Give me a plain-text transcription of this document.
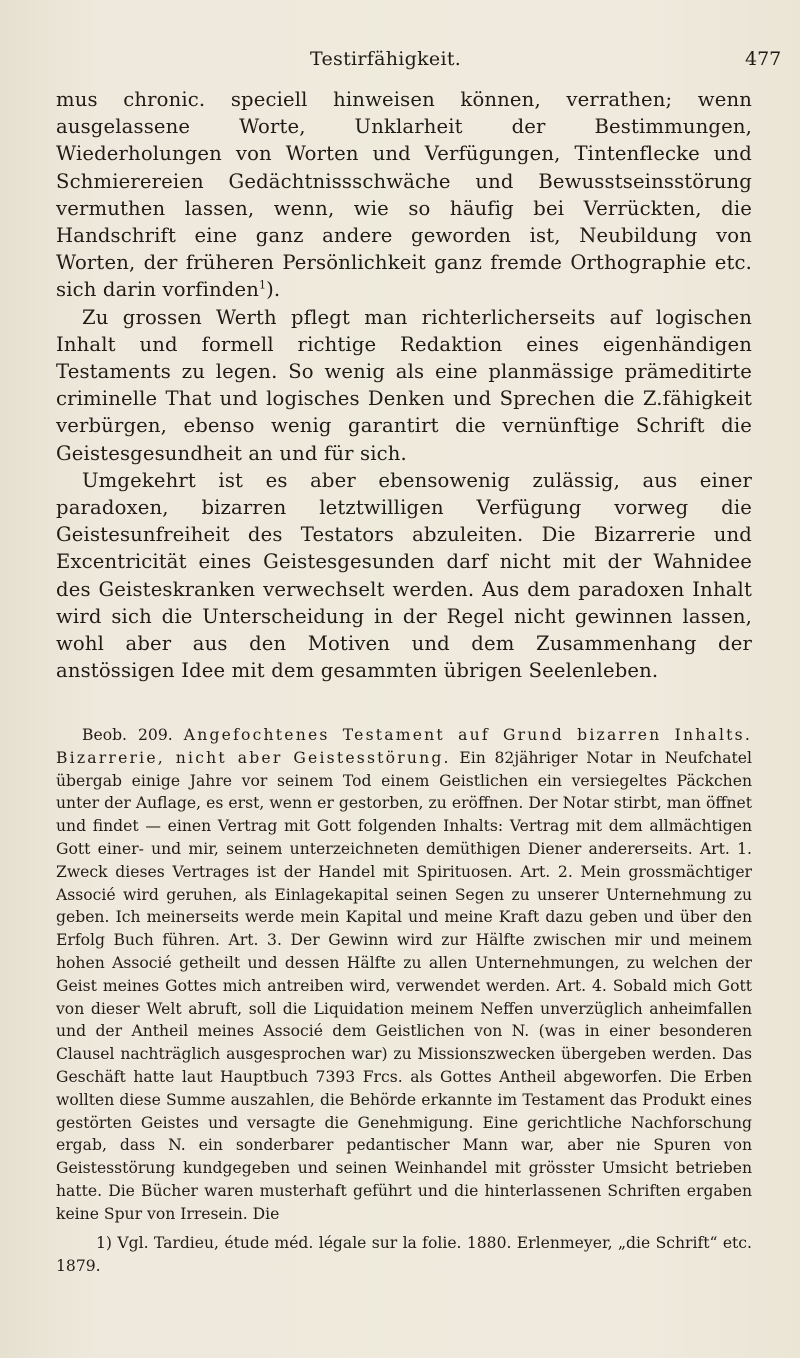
Testirfähigkeit.	477

mus chronic. speciell hinweisen können, verrathen; wenn ausgelassene Worte, Unklarheit der Bestimmungen, Wiederholungen von Worten und Verfügungen, Tintenflecke und Schmierereien Gedächtnissschwäche und Bewusstseinsstörung vermuthen lassen, wenn, wie so häufig bei Verrückten, die Handschrift eine ganz andere geworden ist, Neubildung von Worten, der früheren Persönlichkeit ganz fremde Orthographie etc. sich darin vorfinden$^1$).

Zu grossen Werth pflegt man richterlicherseits auf logischen Inhalt und formell richtige Redaktion eines eigenhändigen Testaments zu legen. So wenig als eine planmässige prämeditirte criminelle That und logisches Denken und Sprechen die Z.fähigkeit verbürgen, ebenso wenig garantirt die vernünftige Schrift die Geistesgesundheit an und für sich.

Umgekehrt ist es aber ebensowenig zulässig, aus einer paradoxen, bizarren letztwilligen Verfügung vorweg die Geistesunfreiheit des Testators abzuleiten. Die Bizarrerie und Excentricität eines Geistesgesunden darf nicht mit der Wahnidee des Geisteskranken verwechselt werden. Aus dem paradoxen Inhalt wird sich die Unterscheidung in der Regel nicht gewinnen lassen, wohl aber aus den Motiven und dem Zusammenhang der anstössigen Idee mit dem gesammten übrigen Seelenleben.

Beob. 209. Angefochtenes Testament auf Grund bizarren Inhalts. Bizarrerie, nicht aber Geistesstörung. Ein 82jähriger Notar in Neufchatel übergab einige Jahre vor seinem Tod einem Geistlichen ein versiegeltes Päckchen unter der Auflage, es erst, wenn er gestorben, zu eröffnen. Der Notar stirbt, man öffnet und findet — einen Vertrag mit Gott folgenden Inhalts: Vertrag mit dem allmächtigen Gott einer- und mir, seinem unterzeichneten demüthigen Diener andererseits. Art. 1. Zweck dieses Vertrages ist der Handel mit Spirituosen. Art. 2. Mein grossmächtiger Associé wird geruhen, als Einlagekapital seinen Segen zu unserer Unternehmung zu geben. Ich meinerseits werde mein Kapital und meine Kraft dazu geben und über den Erfolg Buch führen. Art. 3. Der Gewinn wird zur Hälfte zwischen mir und meinem hohen Associé getheilt und dessen Hälfte zu allen Unternehmungen, zu welchen der Geist meines Gottes mich antreiben wird, verwendet werden. Art. 4. Sobald mich Gott von dieser Welt abruft, soll die Liquidation meinem Neffen unverzüglich anheimfallen und der Antheil meines Associé dem Geistlichen von N. (was in einer besonderen Clausel nachträglich ausgesprochen war) zu Missionszwecken übergeben werden. Das Geschäft hatte laut Hauptbuch 7393 Frcs. als Gottes Antheil abgeworfen. Die Erben wollten diese Summe auszahlen, die Behörde erkannte im Testament das Produkt eines gestörten Geistes und versagte die Genehmigung. Eine gerichtliche Nachforschung ergab, dass N. ein sonderbarer pedantischer Mann war, aber nie Spuren von Geistesstörung kundgegeben und seinen Weinhandel mit grösster Umsicht betrieben hatte. Die Bücher waren musterhaft geführt und die hinterlassenen Schriften ergaben keine Spur von Irresein. Die

1) Vgl. Tardieu, étude méd. légale sur la folie. 1880. Erlenmeyer, „die Schrift“ etc. 1879.
